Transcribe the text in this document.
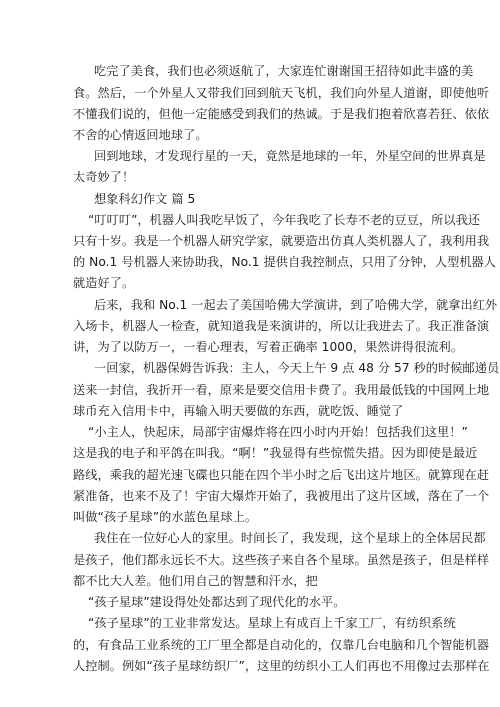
吃完了美食，我们也必须返航了，大家连忙谢谢国王招待如此丰盛的美
食。然后，一个外星人又带我们回到航天飞机，我们向外星人道谢，即使他听
不懂我们说的，但他一定能感受到我们的热诚。于是我们抱着欣喜若狂、依依
不舍的心情返回地球了。
回到地球，才发现行星的一天，竟然是地球的一年，外星空间的世界真是
太奇妙了！
想象科幻作文 篇 5
“叮叮叮”，机器人叫我吃早饭了，今年我吃了长寿不老的豆豆，所以我还
只有十岁。我是一个机器人研究学家，就要造出仿真人类机器人了，我利用我
的 No.1 号机器人来协助我，No.1 提供自我控制点，只用了分钟，人型机器人
就造好了。
后来，我和 No.1 一起去了美国哈佛大学演讲，到了哈佛大学，就拿出红外
入场卡，机器人一检查，就知道我是来演讲的，所以让我进去了。我正准备演
讲，为了以防万一，一看心理表，写着正确率 1000，果然讲得很流利。
一回家，机器保姆告诉我：主人，今天上午 9 点 48 分 57 秒的时候邮递员
送来一封信，我折开一看，原来是要交信用卡费了。我用最低钱的中国网上地
球币充入信用卡中，再输入明天要做的东西，就吃饭、睡觉了
“小主人，快起床，局部宇宙爆炸将在四小时内开始！包括我们这里！”
这是我的电子和平鸽在叫我。“啊！”我显得有些惊慌失措。因为即使是最近
路线，乘我的超光速飞碟也只能在四个半小时之后飞出这片地区。就算现在赶
紧准备，也来不及了！宇宙大爆炸开始了，我被甩出了这片区域，落在了一个
叫做“孩子星球”的水蓝色星球上。
我住在一位好心人的家里。时间长了，我发现，这个星球上的全体居民都
是孩子，他们都永远长不大。这些孩子来自各个星球。虽然是孩子，但是样样
都不比大人差。他们用自己的智慧和汗水，把
“孩子星球”建设得处处都达到了现代化的水平。
“孩子星球”的工业非常发达。星球上有成百上千家工厂，有纺织系统
的，有食品工业系统的工厂里全都是自动化的，仅靠几台电脑和几个智能机器
人控制。例如“孩子星球纺织厂”，这里的纺织小工人们再也不用像过去那样在
